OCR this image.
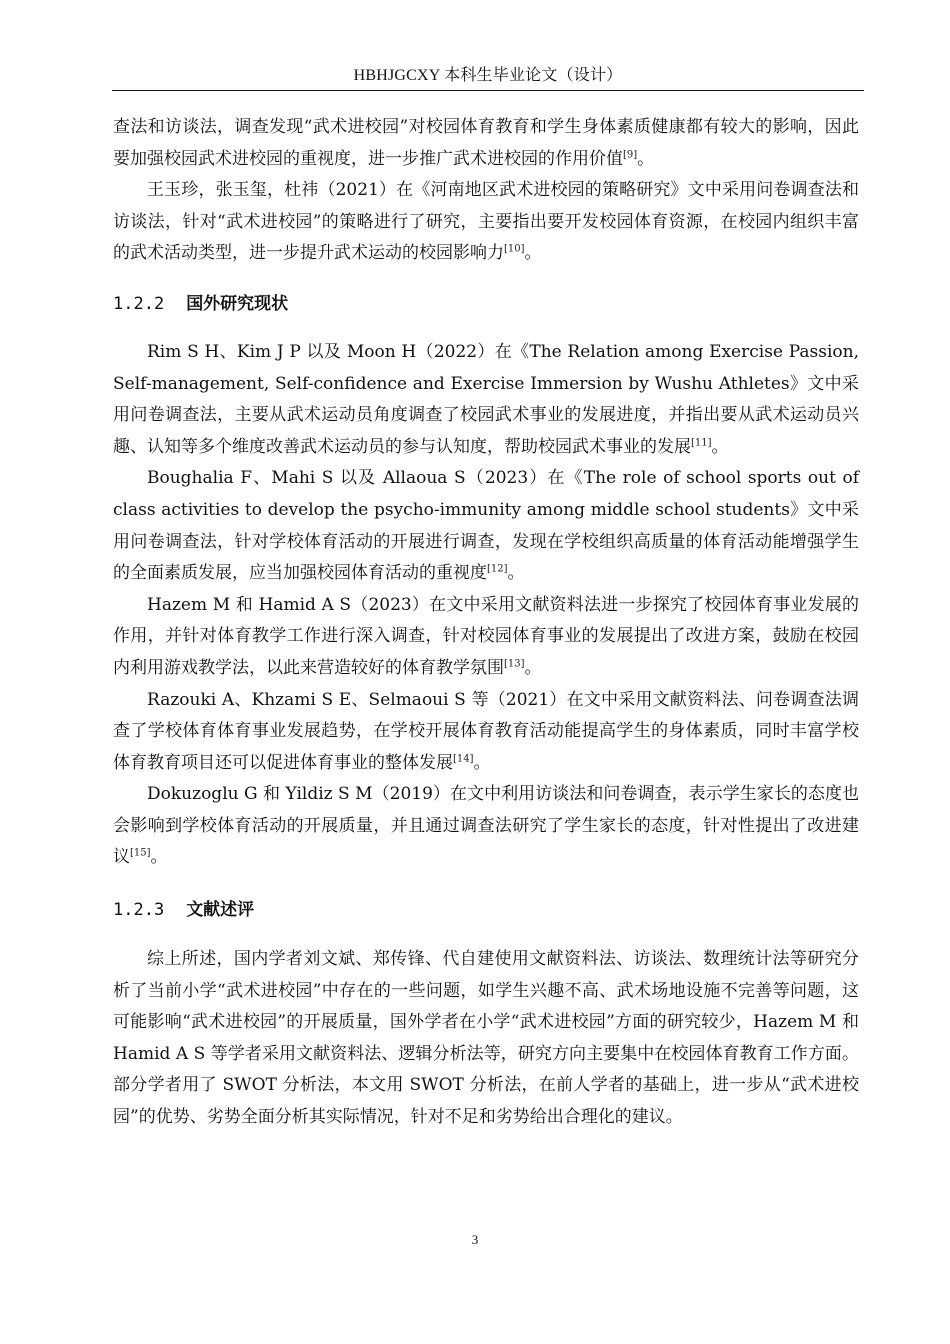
HBHJGCXY 本科生毕业论文（设计）

查法和访谈法，调查发现“武术进校园”对校园体育教育和学生身体素质健康都有较大的影响，因此要加强校园武术进校园的重视度，进一步推广武术进校园的作用价值[9]。

王玉珍，张玉玺，杜祎（2021）在《河南地区武术进校园的策略研究》文中采用问卷调查法和访谈法，针对“武术进校园”的策略进行了研究，主要指出要开发校园体育资源，在校园内组织丰富的武术活动类型，进一步提升武术运动的校园影响力[10]。

1.2.2 国外研究现状

Rim S H、Kim J P 以及 Moon H（2022）在《The Relation among Exercise Passion, Self-management, Self-confidence and Exercise Immersion by Wushu Athletes》文中采用问卷调查法，主要从武术运动员角度调查了校园武术事业的发展进度，并指出要从武术运动员兴趣、认知等多个维度改善武术运动员的参与认知度，帮助校园武术事业的发展[11]。

Boughalia F、Mahi S 以及 Allaoua S（2023）在《The role of school sports out of class activities to develop the psycho-immunity among middle school students》文中采用问卷调查法，针对学校体育活动的开展进行调查，发现在学校组织高质量的体育活动能增强学生的全面素质发展，应当加强校园体育活动的重视度[12]。

Hazem M 和 Hamid A S（2023）在文中采用文献资料法进一步探究了校园体育事业发展的作用，并针对体育教学工作进行深入调查，针对校园体育事业的发展提出了改进方案，鼓励在校园内利用游戏教学法，以此来营造较好的体育教学氛围[13]。

Razouki A、Khzami S E、Selmaoui S 等（2021）在文中采用文献资料法、问卷调查法调查了学校体育体育事业发展趋势，在学校开展体育教育活动能提高学生的身体素质，同时丰富学校体育教育项目还可以促进体育事业的整体发展[14]。

Dokuzoglu G 和 Yildiz S M（2019）在文中利用访谈法和问卷调查，表示学生家长的态度也会影响到学校体育活动的开展质量，并且通过调查法研究了学生家长的态度，针对性提出了改进建议[15]。

1.2.3 文献述评

综上所述，国内学者刘文斌、郑传锋、代自建使用文献资料法、访谈法、数理统计法等研究分析了当前小学“武术进校园”中存在的一些问题，如学生兴趣不高、武术场地设施不完善等问题，这可能影响“武术进校园”的开展质量，国外学者在小学“武术进校园”方面的研究较少，Hazem M 和 Hamid A S 等学者采用文献资料法、逻辑分析法等，研究方向主要集中在校园体育教育工作方面。部分学者用了 SWOT 分析法，本文用 SWOT 分析法，在前人学者的基础上，进一步从“武术进校园”的优势、劣势全面分析其实际情况，针对不足和劣势给出合理化的建议。

3
